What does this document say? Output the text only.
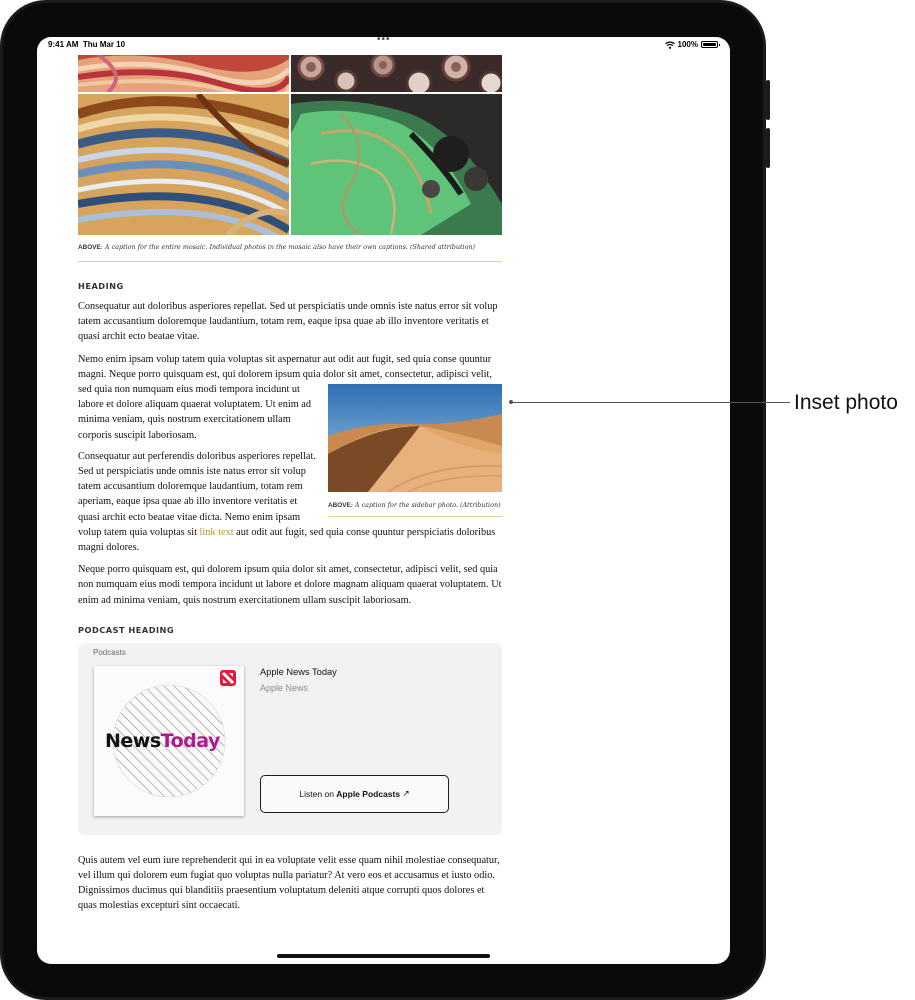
9:41 AM Thu Mar 10	•••	100%
ABOVE: A caption for the entire mosaic. Individual photos in the mosaic also have their own captions. (Shared attribution)
HEADING
Consequatur aut doloribus asperiores repellat. Sed ut perspiciatis unde omnis iste natus error sit volup tatem accusantium doloremque laudantium, totam rem, eaque ipsa quae ab illo inventore veritatis et quasi archit ecto beatae vitae.
Nemo enim ipsam volup tatem quia voluptas sit aspernatur aut odit aut fugit, sed quia conse quuntur magni. Neque porro quisquam est, qui dolorem ipsum quia dolor sit amet, consectetur, adipisci velit, sed quia non numquam eius modi tempora incidunt ut
ABOVE: A caption for the sidebar photo. (Attribution)
labore et dolore aliquam quaerat voluptatem. Ut enim ad minima veniam, quis nostrum exercitationem ullam corporis suscipit laboriosam.
Consequatur aut perferendis doloribus asperiores repellat. Sed ut perspiciatis unde omnis iste natus error sit volup tatem accusantium doloremque laudantium, totam rem aperiam, eaque ipsa quae ab illo inventore veritatis et quasi archit ecto beatae vitae dicta. Nemo enim ipsam volup tatem quia voluptas sit link text aut odit aut fugit, sed quia conse quuntur perspiciatis doloribus magni dolores.
Neque porro quisquam est, qui dolorem ipsum quia dolor sit amet, consectetur, adipisci velit, sed quia non numquam eius modi tempora incidunt ut labore et dolore magnam aliquam quaerat voluptatem. Ut enim ad minima veniam, quis nostrum exercitationem ullam suscipit laboriosam.
PODCAST HEADING
Podcasts
NewsToday
Apple News Today
Apple News
Listen on Apple Podcasts
↗
Quis autem vel eum iure reprehenderit qui in ea voluptate velit esse quam nihil molestiae consequatur, vel illum qui dolorem eum fugiat quo voluptas nulla pariatur? At vero eos et accusamus et iusto odio. Dignissimos ducimus qui blanditiis praesentium voluptatum deleniti atque corrupti quos dolores et quas molestias excepturi sint occaecati.
Inset photo
